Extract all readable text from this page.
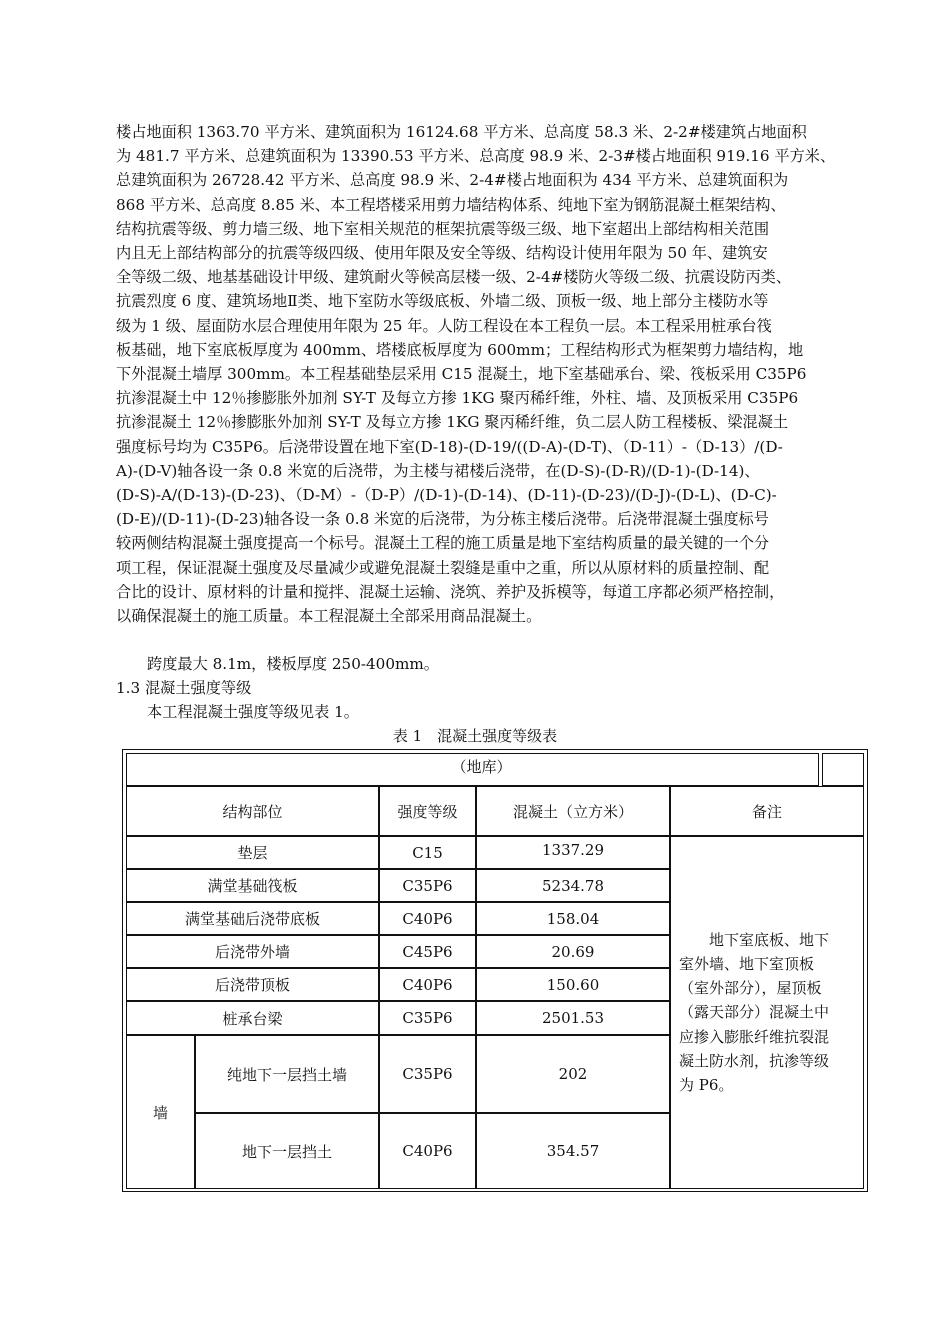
楼占地面积 1363.70 平方米、建筑面积为 16124.68 平方米、总高度 58.3 米、2-2#楼建筑占地面积
为 481.7 平方米、总建筑面积为 13390.53 平方米、总高度 98.9 米、2-3#楼占地面积 919.16 平方米、
总建筑面积为 26728.42 平方米、总高度 98.9 米、2-4#楼占地面积为 434 平方米、总建筑面积为
868 平方米、总高度 8.85 米、本工程塔楼采用剪力墙结构体系、纯地下室为钢筋混凝土框架结构、
结构抗震等级、剪力墙三级、地下室相关规范的框架抗震等级三级、地下室超出上部结构相关范围
内且无上部结构部分的抗震等级四级、使用年限及安全等级、结构设计使用年限为 50 年、建筑安
全等级二级、地基基础设计甲级、建筑耐火等候高层楼一级、2-4#楼防火等级二级、抗震设防丙类、
抗震烈度 6 度、建筑场地Ⅱ类、地下室防水等级底板、外墙二级、顶板一级、地上部分主楼防水等
级为 1 级、屋面防水层合理使用年限为 25 年。人防工程设在本工程负一层。本工程采用桩承台筏
板基础，地下室底板厚度为 400mm、塔楼底板厚度为 600mm；工程结构形式为框架剪力墙结构，地
下外混凝土墙厚 300mm。本工程基础垫层采用 C15 混凝土，地下室基础承台、梁、筏板采用 C35P6
抗渗混凝土中 12％掺膨胀外加剂 SY-T 及每立方掺 1KG 聚丙稀纤维，外柱、墙、及顶板采用 C35P6
抗渗混凝土 12％掺膨胀外加剂 SY-T 及每立方掺 1KG 聚丙稀纤维，负二层人防工程楼板、梁混凝土
强度标号均为 C35P6。后浇带设置在地下室(D-18)-(D-19/((D-A)-(D-T)、（D-11）-（D-13）/(D-
A)-(D-V)轴各设一条 0.8 米宽的后浇带，为主楼与裙楼后浇带，在(D-S)-(D-R)/(D-1)-(D-14)、
(D-S)-A/(D-13)-(D-23)、（D-M）-（D-P）/(D-1)-(D-14)、(D-11)-(D-23)/(D-J)-(D-L)、(D-C)-
(D-E)/(D-11)-(D-23)轴各设一条 0.8 米宽的后浇带，为分栋主楼后浇带。后浇带混凝土强度标号
较两侧结构混凝土强度提高一个标号。混凝土工程的施工质量是地下室结构质量的最关键的一个分
项工程，保证混凝土强度及尽量减少或避免混凝土裂缝是重中之重，所以从原材料的质量控制、配
合比的设计、原材料的计量和搅拌、混凝土运输、浇筑、养护及拆模等，每道工序都必须严格控制，
以确保混凝土的施工质量。本工程混凝土全部采用商品混凝土。

跨度最大 8.1m，楼板厚度 250-400mm。

1.3 混凝土强度等级

本工程混凝土强度等级见表 1。

表 1　混凝土强度等级表

（地库）
结构部位	强度等级	混凝土（立方米）	备注
垫层	C15	1337.29
满堂基础筏板	C35P6	5234.78
满堂基础后浇带底板	C40P6	158.04
后浇带外墙	C45P6	20.69
后浇带顶板	C40P6	150.60
桩承台梁	C35P6	2501.53
墙
纯地下一层挡土墙	C35P6	202
地下一层挡土	C40P6	354.57
地下室底板、地下
室外墙、地下室顶板
（室外部分），屋顶板
（露天部分）混凝土中
应掺入膨胀纤维抗裂混
凝土防水剂，抗渗等级
为 P6。
